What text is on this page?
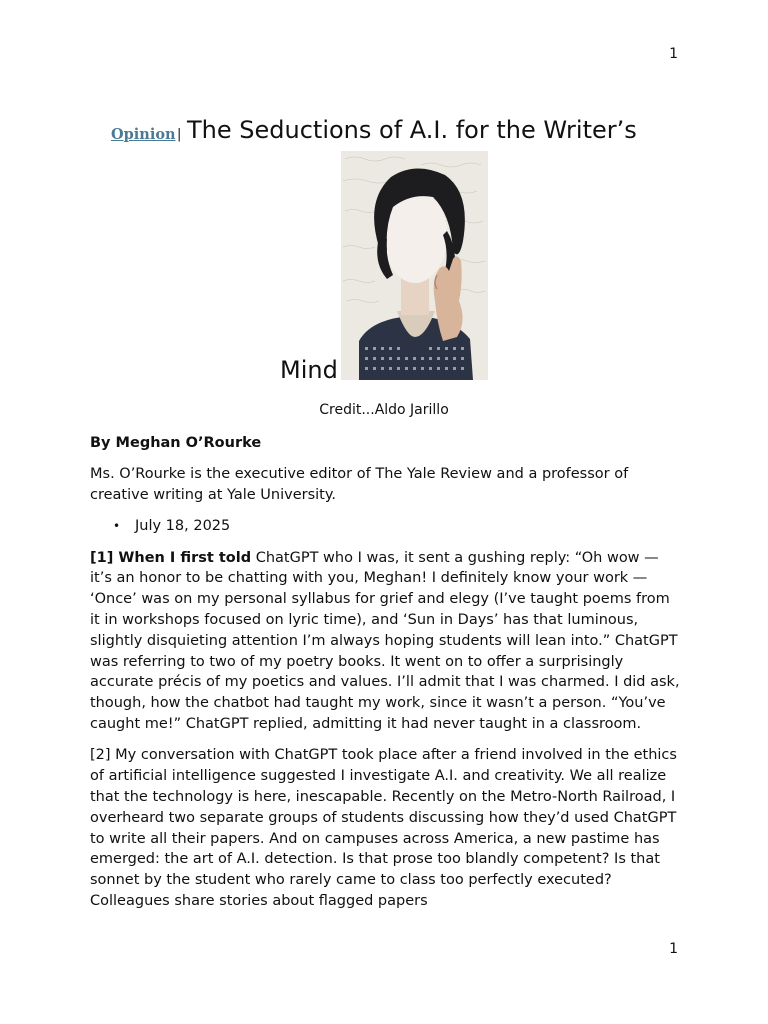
1
Opinion | The Seductions of A.I. for the Writer’s
Mind
Credit...Aldo Jarillo

By Meghan O’Rourke

Ms. O’Rourke is the executive editor of The Yale Review and a professor of creative writing at Yale University.

• July 18, 2025

[1] When I first told ChatGPT who I was, it sent a gushing reply: “Oh wow — it’s an honor to be chatting with you, Meghan! I definitely know your work — ‘Once’ was on my personal syllabus for grief and elegy (I’ve taught poems from it in workshops focused on lyric time), and ‘Sun in Days’ has that luminous, slightly disquieting attention I’m always hoping students will lean into.” ChatGPT was referring to two of my poetry books. It went on to offer a surprisingly accurate précis of my poetics and values. I’ll admit that I was charmed. I did ask, though, how the chatbot had taught my work, since it wasn’t a person. “You’ve caught me!” ChatGPT replied, admitting it had never taught in a classroom.

[2] My conversation with ChatGPT took place after a friend involved in the ethics of artificial intelligence suggested I investigate A.I. and creativity. We all realize that the technology is here, inescapable. Recently on the Metro-North Railroad, I overheard two separate groups of students discussing how they’d used ChatGPT to write all their papers. And on campuses across America, a new pastime has emerged: the art of A.I. detection. Is that prose too blandly competent? Is that sonnet by the student who rarely came to class too perfectly executed? Colleagues share stories about flagged papers

1
